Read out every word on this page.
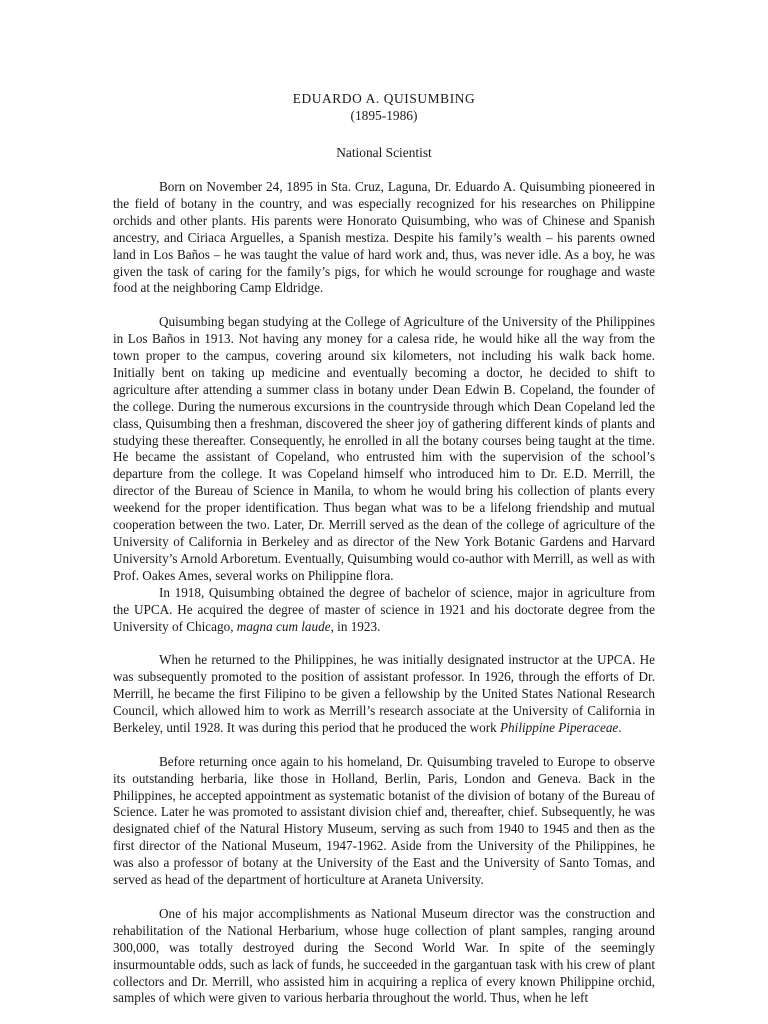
EDUARDO A. QUISUMBING

(1895-1986)

National Scientist

Born on November 24, 1895 in Sta. Cruz, Laguna, Dr. Eduardo A. Quisumbing pioneered in the field of botany in the country, and was especially recognized for his researches on Philippine orchids and other plants. His parents were Honorato Quisumbing, who was of Chinese and Spanish ancestry, and Ciriaca Arguelles, a Spanish mestiza. Despite his family’s wealth – his parents owned land in Los Baños – he was taught the value of hard work and, thus, was never idle. As a boy, he was given the task of caring for the family’s pigs, for which he would scrounge for roughage and waste food at the neighboring Camp Eldridge.

Quisumbing began studying at the College of Agriculture of the University of the Philippines in Los Baños in 1913. Not having any money for a calesa ride, he would hike all the way from the town proper to the campus, covering around six kilometers, not including his walk back home. Initially bent on taking up medicine and eventually becoming a doctor, he decided to shift to agriculture after attending a summer class in botany under Dean Edwin B. Copeland, the founder of the college. During the numerous excursions in the countryside through which Dean Copeland led the class, Quisumbing then a freshman, discovered the sheer joy of gathering different kinds of plants and studying these thereafter. Consequently, he enrolled in all the botany courses being taught at the time. He became the assistant of Copeland, who entrusted him with the supervision of the school’s departure from the college. It was Copeland himself who introduced him to Dr. E.D. Merrill, the director of the Bureau of Science in Manila, to whom he would bring his collection of plants every weekend for the proper identification. Thus began what was to be a lifelong friendship and mutual cooperation between the two. Later, Dr. Merrill served as the dean of the college of agriculture of the University of California in Berkeley and as director of the New York Botanic Gardens and Harvard University’s Arnold Arboretum. Eventually, Quisumbing would co-author with Merrill, as well as with Prof. Oakes Ames, several works on Philippine flora.

In 1918, Quisumbing obtained the degree of bachelor of science, major in agriculture from the UPCA. He acquired the degree of master of science in 1921 and his doctorate degree from the University of Chicago, magna cum laude, in 1923.

When he returned to the Philippines, he was initially designated instructor at the UPCA. He was subsequently promoted to the position of assistant professor. In 1926, through the efforts of Dr. Merrill, he became the first Filipino to be given a fellowship by the United States National Research Council, which allowed him to work as Merrill’s research associate at the University of California in Berkeley, until 1928. It was during this period that he produced the work Philippine Piperaceae.

Before returning once again to his homeland, Dr. Quisumbing traveled to Europe to observe its outstanding herbaria, like those in Holland, Berlin, Paris, London and Geneva. Back in the Philippines, he accepted appointment as systematic botanist of the division of botany of the Bureau of Science. Later he was promoted to assistant division chief and, thereafter, chief. Subsequently, he was designated chief of the Natural History Museum, serving as such from 1940 to 1945 and then as the first director of the National Museum, 1947-1962. Aside from the University of the Philippines, he was also a professor of botany at the University of the East and the University of Santo Tomas, and served as head of the department of horticulture at Araneta University.

One of his major accomplishments as National Museum director was the construction and rehabilitation of the National Herbarium, whose huge collection of plant samples, ranging around 300,000, was totally destroyed during the Second World War. In spite of the seemingly insurmountable odds, such as lack of funds, he succeeded in the gargantuan task with his crew of plant collectors and Dr. Merrill, who assisted him in acquiring a replica of every known Philippine orchid, samples of which were given to various herbaria throughout the world. Thus, when he left
